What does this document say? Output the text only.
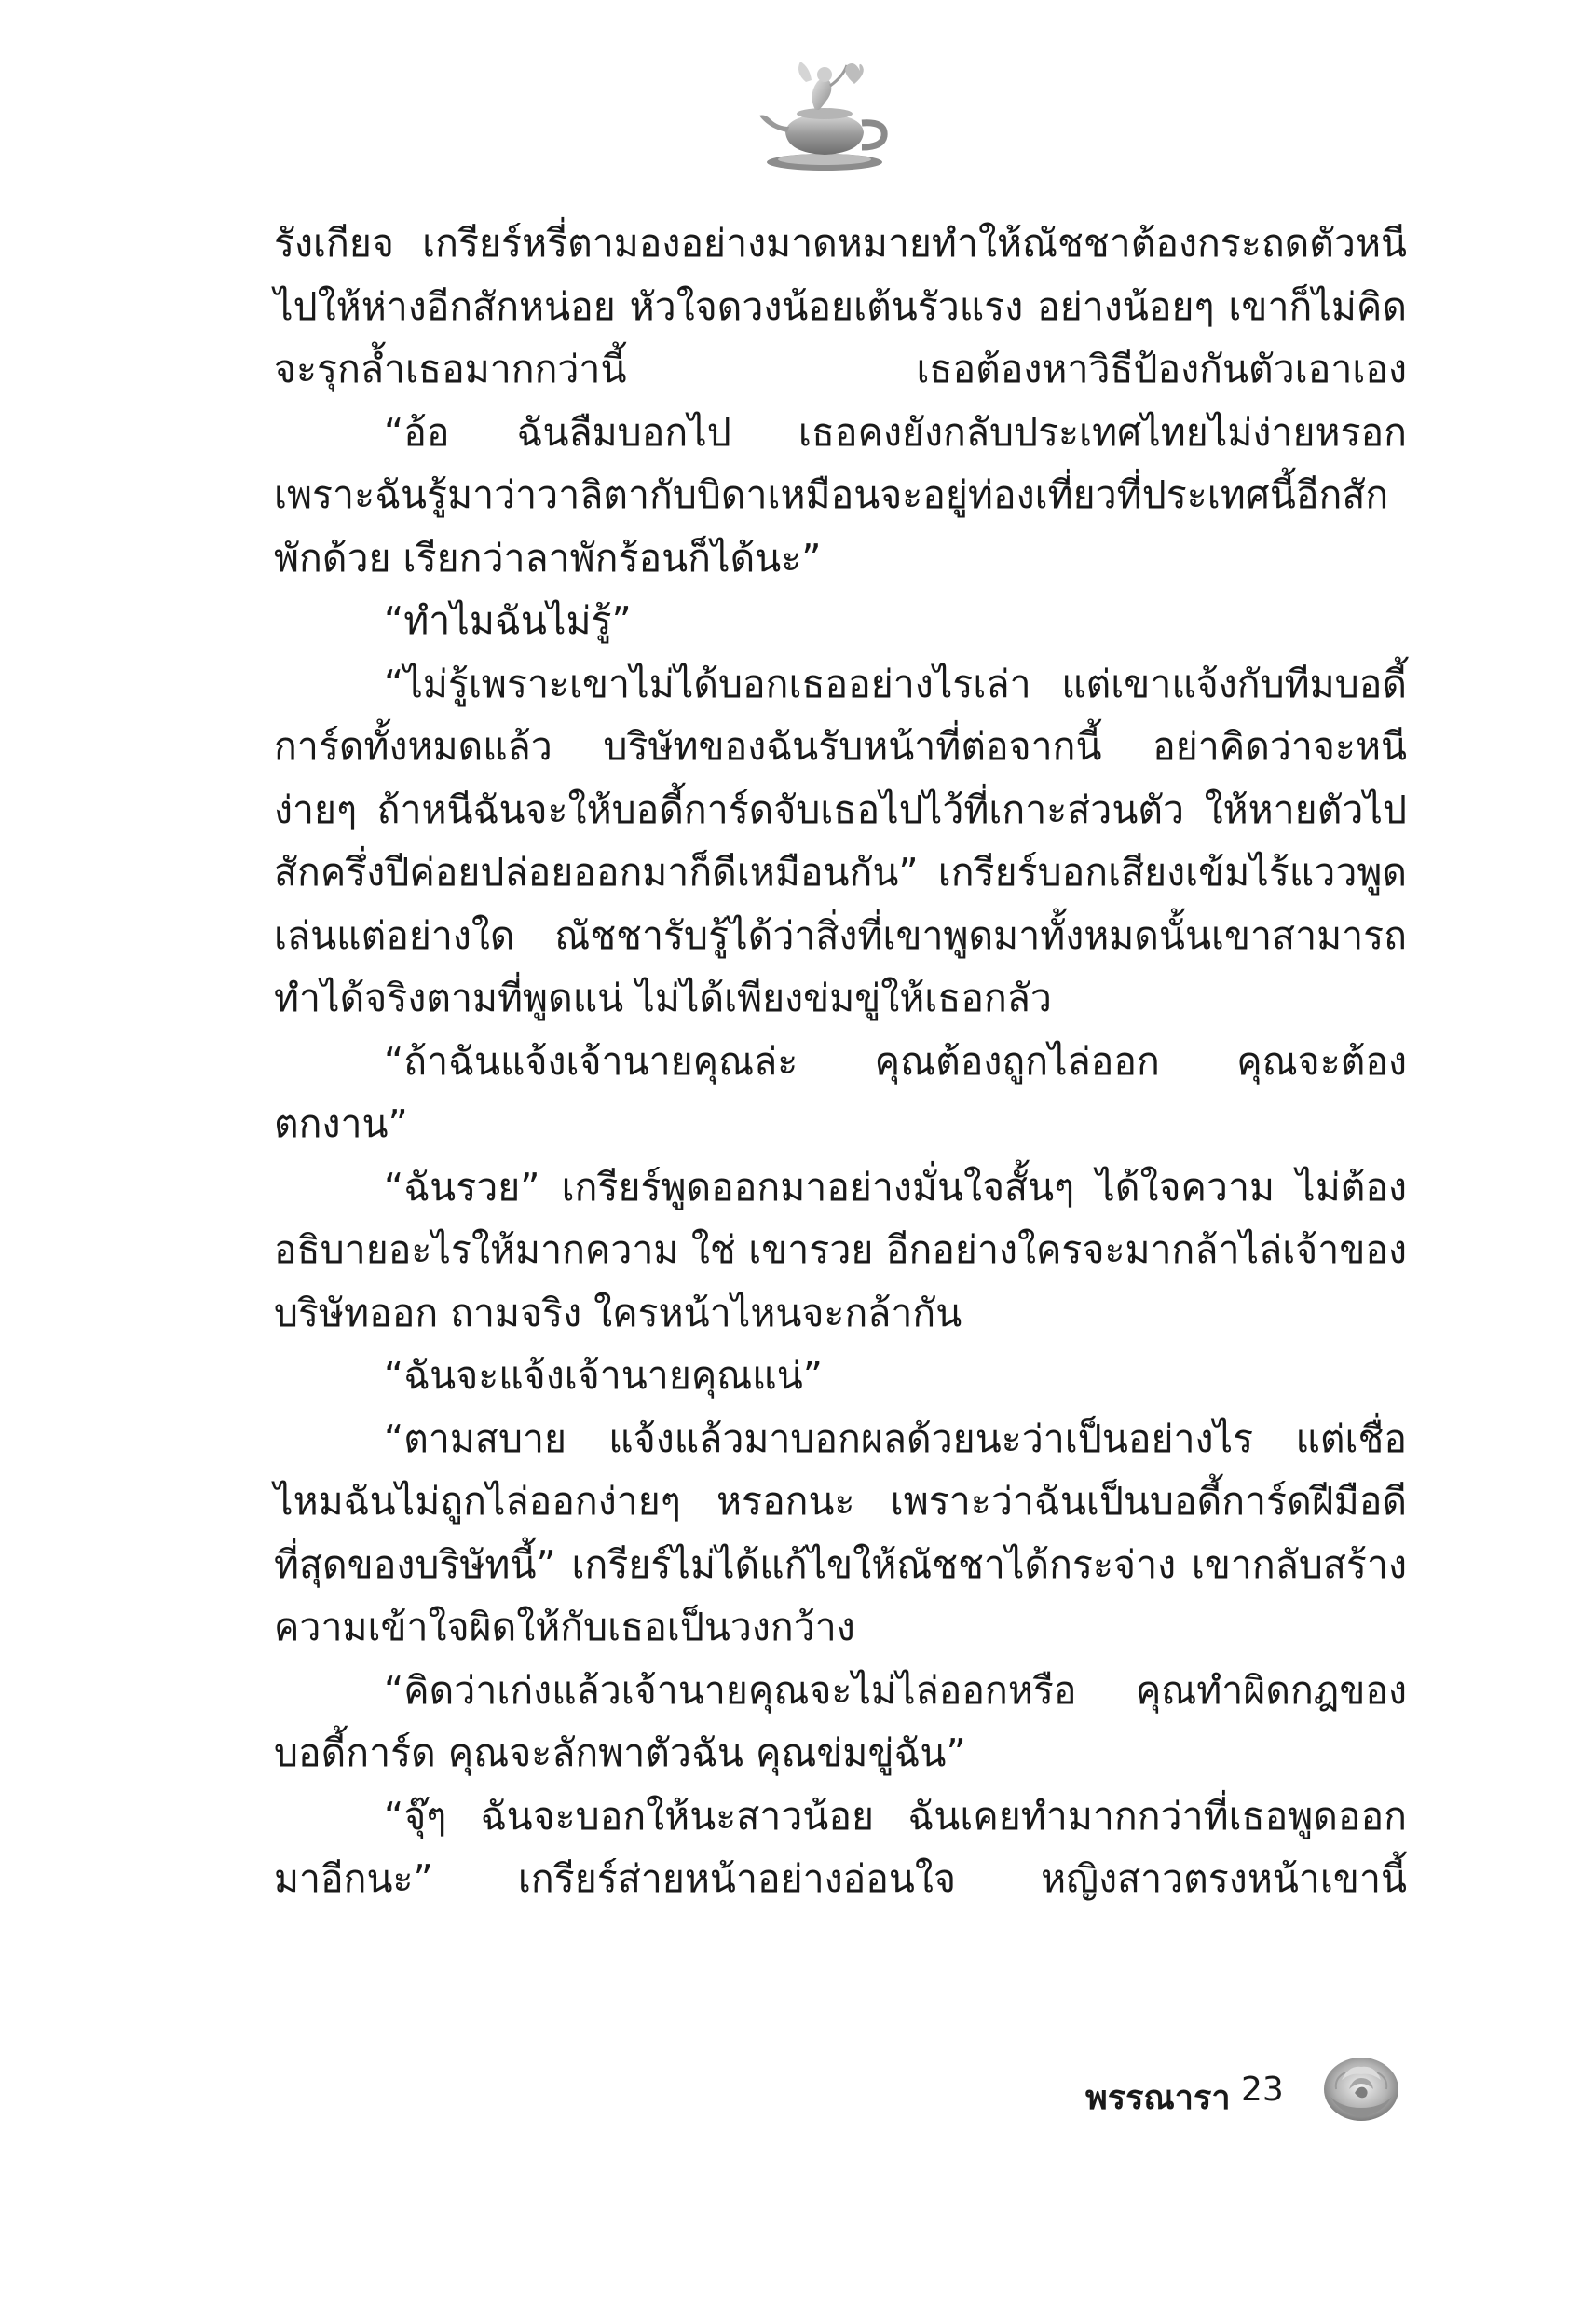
รังเกียจ เกรียร์หรี่ตามองอย่างมาดหมายทำให้ณัชชาต้องกระถดตัวหนีไปให้ห่างอีกสักหน่อย หัวใจดวงน้อยเต้นรัวแรง อย่างน้อยๆ เขาก็ไม่คิดจะรุกล้ำเธอมากกว่านี้ เธอต้องหาวิธีป้องกันตัวเอาเอง

“อ้อ ฉันลืมบอกไป เธอคงยังกลับประเทศไทยไม่ง่ายหรอก เพราะฉันรู้มาว่าวาลิตากับบิดาเหมือนจะอยู่ท่องเที่ยวที่ประเทศนี้อีกสักพักด้วย เรียกว่าลาพักร้อนก็ได้นะ”

“ทำไมฉันไม่รู้”

“ไม่รู้เพราะเขาไม่ได้บอกเธออย่างไรเล่า แต่เขาแจ้งกับทีมบอดี้การ์ดทั้งหมดแล้ว บริษัทของฉันรับหน้าที่ต่อจากนี้ อย่าคิดว่าจะหนีง่ายๆ ถ้าหนีฉันจะให้บอดี้การ์ดจับเธอไปไว้ที่เกาะส่วนตัว ให้หายตัวไปสักครึ่งปีค่อยปล่อยออกมาก็ดีเหมือนกัน” เกรียร์บอกเสียงเข้มไร้แววพูดเล่นแต่อย่างใด ณัชชารับรู้ได้ว่าสิ่งที่เขาพูดมาทั้งหมดนั้นเขาสามารถทำได้จริงตามที่พูดแน่ ไม่ได้เพียงข่มขู่ให้เธอกลัว

“ถ้าฉันแจ้งเจ้านายคุณล่ะ คุณต้องถูกไล่ออก คุณจะต้องตกงาน”

“ฉันรวย” เกรียร์พูดออกมาอย่างมั่นใจสั้นๆ ได้ใจความ ไม่ต้องอธิบายอะไรให้มากความ ใช่ เขารวย อีกอย่างใครจะมากล้าไล่เจ้าของบริษัทออก ถามจริง ใครหน้าไหนจะกล้ากัน

“ฉันจะแจ้งเจ้านายคุณแน่”

“ตามสบาย แจ้งแล้วมาบอกผลด้วยนะว่าเป็นอย่างไร แต่เชื่อไหมฉันไม่ถูกไล่ออกง่ายๆ หรอกนะ เพราะว่าฉันเป็นบอดี้การ์ดฝีมือดีที่สุดของบริษัทนี้” เกรียร์ไม่ได้แก้ไขให้ณัชชาได้กระจ่าง เขากลับสร้างความเข้าใจผิดให้กับเธอเป็นวงกว้าง

“คิดว่าเก่งแล้วเจ้านายคุณจะไม่ไล่ออกหรือ คุณทำผิดกฎของบอดี้การ์ด คุณจะลักพาตัวฉัน คุณข่มขู่ฉัน”

“จุ๊ๆ ฉันจะบอกให้นะสาวน้อย ฉันเคยทำมากกว่าที่เธอพูดออกมาอีกนะ” เกรียร์ส่ายหน้าอย่างอ่อนใจ หญิงสาวตรงหน้าเขานี้

พรรณารา 23
